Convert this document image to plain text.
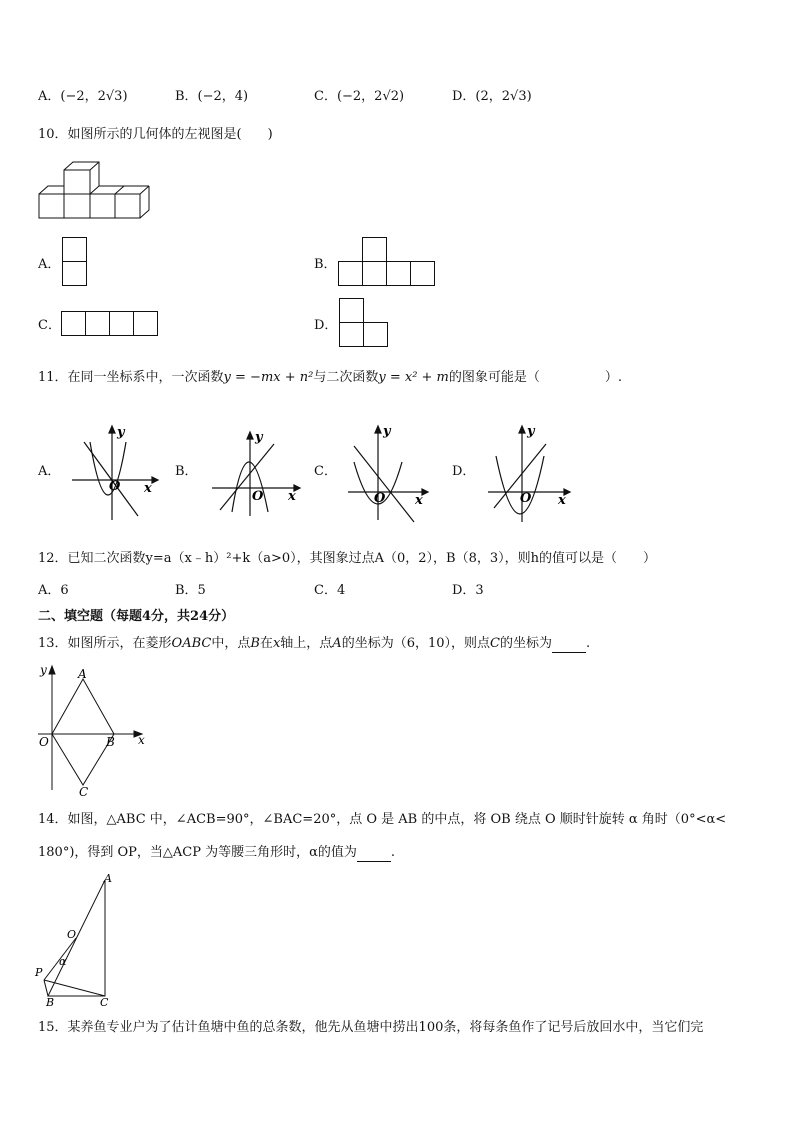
A．(−2，2√3)	B．(−2，4)	C．(−2，2√2)	D．(2，2√3)
10．如图所示的几何体的左视图是(　　)
A．	B．
C．	D．
11．在同一坐标系中，一次函数y = −mx + n²与二次函数y = x² + m的图象可能是（　　　　　）.
A．	B．	C．	D．
y
x
O
y
x
O
y
x
O
y
x
O
12．已知二次函数y=a（x﹣h）²+k（a>0），其图象过点A（0，2），B（8，3），则h的值可以是（　　）
A．6	B．5	C．4	D．3
二、填空题（每题4分，共24分）
13．如图所示，在菱形OABC中，点B在x轴上，点A的坐标为（6，10），则点C的坐标为	.
y
x
A
O	B
C
14．如图，△ABC 中，∠ACB=90°，∠BAC=20°，点 O 是 AB 的中点，将 OB 绕点 O 顺时针旋转 α 角时（0°<α<
180°)，得到 OP，当△ACP 为等腰三角形时，α的值为	.
A
O
P
α
B	C
15．某养鱼专业户为了估计鱼塘中鱼的总条数，他先从鱼塘中捞出100条，将每条鱼作了记号后放回水中，当它们完
